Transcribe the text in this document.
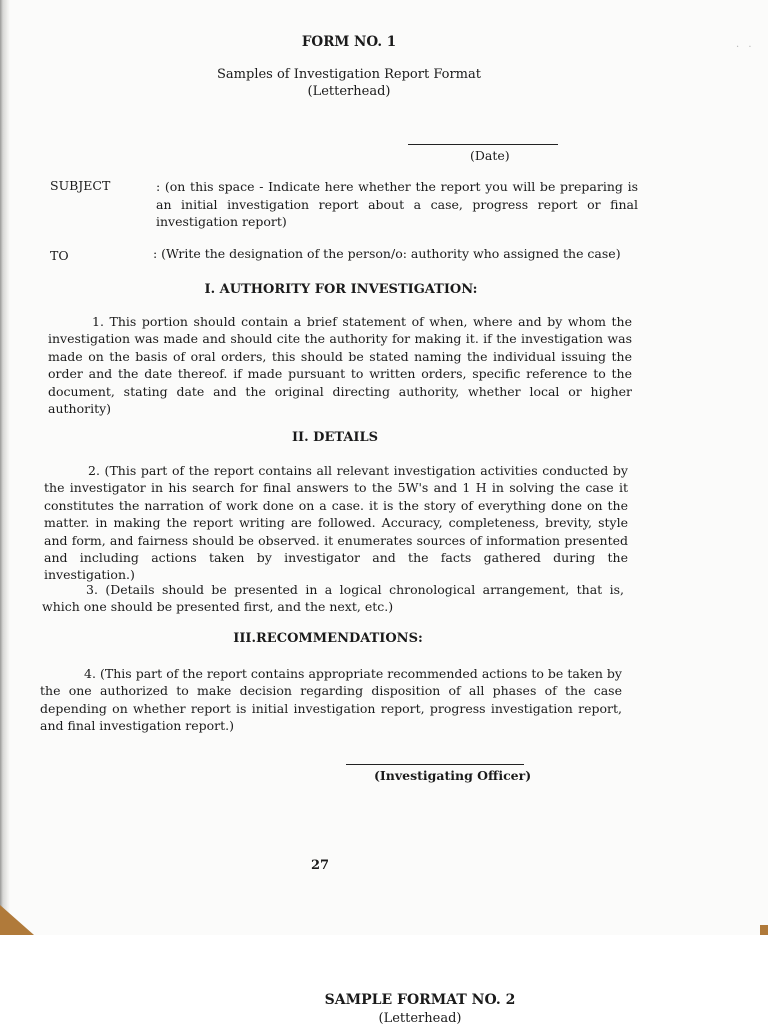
· ·
FORM NO. 1
Samples of Investigation Report Format
(Letterhead)
(Date)
SUBJECT	: (on this space - Indicate here whether the report you will be preparing is an initial investigation report about a case, progress report or final investigation report)
TO	: (Write the designation of the person/o: authority who assigned the case)
I. AUTHORITY FOR INVESTIGATION:

1. This portion should contain a brief statement of when, where and by whom the investigation was made and should cite the authority for making it. if the investigation was made on the basis of oral orders, this should be stated naming the individual issuing the order and the date thereof. if made pursuant to written orders, specific reference to the document, stating date and the original directing authority, whether local or higher authority)

II. DETAILS

2. (This part of the report contains all relevant investigation activities conducted by the investigator in his search for final answers to the 5W's and 1 H in solving the case it constitutes the narration of work done on a case. it is the story of everything done on the matter. in making the report writing are followed. Accuracy, completeness, brevity, style and form, and fairness should be observed. it enumerates sources of information presented and including actions taken by investigator and the facts gathered during the investigation.)

3. (Details should be presented in a logical chronological arrangement, that is, which one should be presented first, and the next, etc.)

III.RECOMMENDATIONS:

4. (This part of the report contains appropriate recommended actions to be taken by the one authorized to make decision regarding disposition of all phases of the case depending on whether report is initial investigation report, progress investigation report, and final investigation report.)

(Investigating Officer)
27
SAMPLE FORMAT NO. 2
(Letterhead)
